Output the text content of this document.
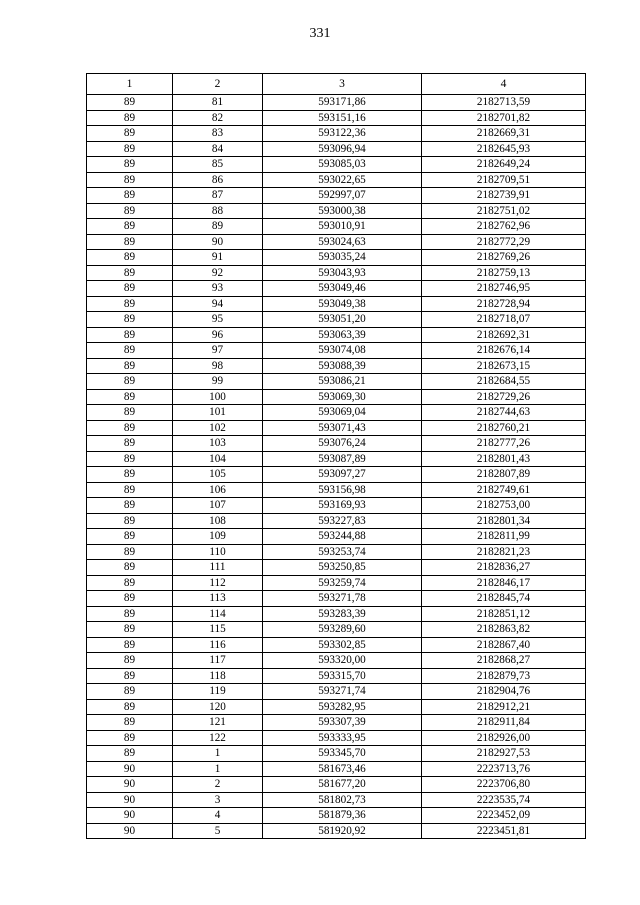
331
1	2	3	4
89	81	593171,86	2182713,59
89	82	593151,16	2182701,82
89	83	593122,36	2182669,31
89	84	593096,94	2182645,93
89	85	593085,03	2182649,24
89	86	593022,65	2182709,51
89	87	592997,07	2182739,91
89	88	593000,38	2182751,02
89	89	593010,91	2182762,96
89	90	593024,63	2182772,29
89	91	593035,24	2182769,26
89	92	593043,93	2182759,13
89	93	593049,46	2182746,95
89	94	593049,38	2182728,94
89	95	593051,20	2182718,07
89	96	593063,39	2182692,31
89	97	593074,08	2182676,14
89	98	593088,39	2182673,15
89	99	593086,21	2182684,55
89	100	593069,30	2182729,26
89	101	593069,04	2182744,63
89	102	593071,43	2182760,21
89	103	593076,24	2182777,26
89	104	593087,89	2182801,43
89	105	593097,27	2182807,89
89	106	593156,98	2182749,61
89	107	593169,93	2182753,00
89	108	593227,83	2182801,34
89	109	593244,88	2182811,99
89	110	593253,74	2182821,23
89	111	593250,85	2182836,27
89	112	593259,74	2182846,17
89	113	593271,78	2182845,74
89	114	593283,39	2182851,12
89	115	593289,60	2182863,82
89	116	593302,85	2182867,40
89	117	593320,00	2182868,27
89	118	593315,70	2182879,73
89	119	593271,74	2182904,76
89	120	593282,95	2182912,21
89	121	593307,39	2182911,84
89	122	593333,95	2182926,00
89	1	593345,70	2182927,53
90	1	581673,46	2223713,76
90	2	581677,20	2223706,80
90	3	581802,73	2223535,74
90	4	581879,36	2223452,09
90	5	581920,92	2223451,81
